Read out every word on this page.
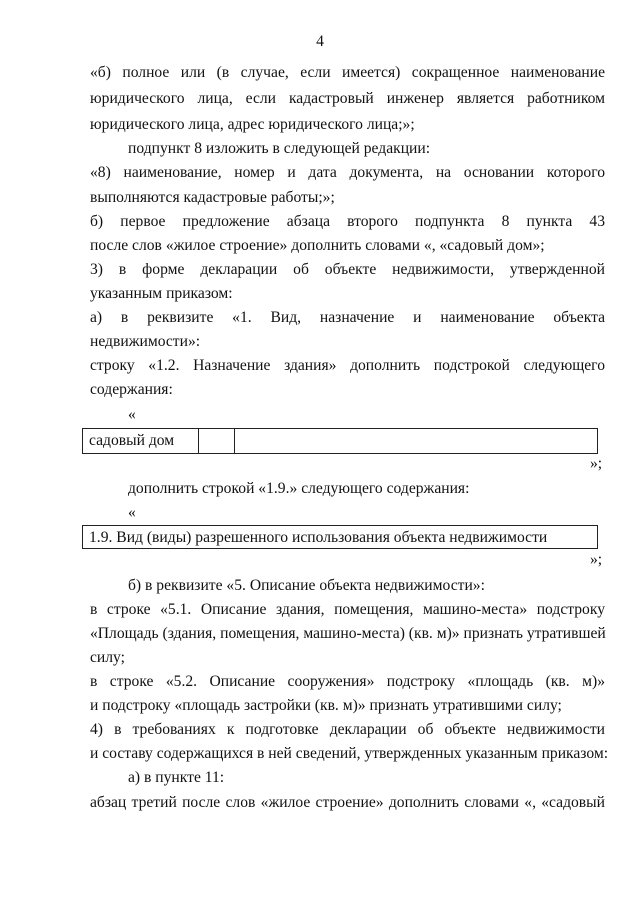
4
«б) полное или (в случае, если имеется) сокращенное наименование
юридического лица, если кадастровый инженер является работником
юридического лица, адрес юридического лица;»;
подпункт 8 изложить в следующей редакции:
«8) наименование, номер и дата документа, на основании которого
выполняются кадастровые работы;»;
б) первое предложение абзаца второго подпункта 8 пункта 43
после слов «жилое строение» дополнить словами «, «садовый дом»;
3) в форме декларации об объекте недвижимости, утвержденной
указанным приказом:
а) в реквизите «1. Вид, назначение и наименование объекта
недвижимости»:
строку «1.2. Назначение здания» дополнить подстрокой следующего
содержания:
«
садовый дом
»;
дополнить строкой «1.9.» следующего содержания:
«
1.9. Вид (виды) разрешенного использования объекта недвижимости
»;
б) в реквизите «5. Описание объекта недвижимости»:
в строке «5.1. Описание здания, помещения, машино-места» подстроку
«Площадь (здания, помещения, машино-места) (кв. м)» признать утратившей
силу;
в строке «5.2. Описание сооружения» подстроку «площадь (кв. м)»
и подстроку «площадь застройки (кв. м)» признать утратившими силу;
4) в требованиях к подготовке декларации об объекте недвижимости
и составу содержащихся в ней сведений, утвержденных указанным приказом:
а) в пункте 11:
абзац третий после слов «жилое строение» дополнить словами «, «садовый
